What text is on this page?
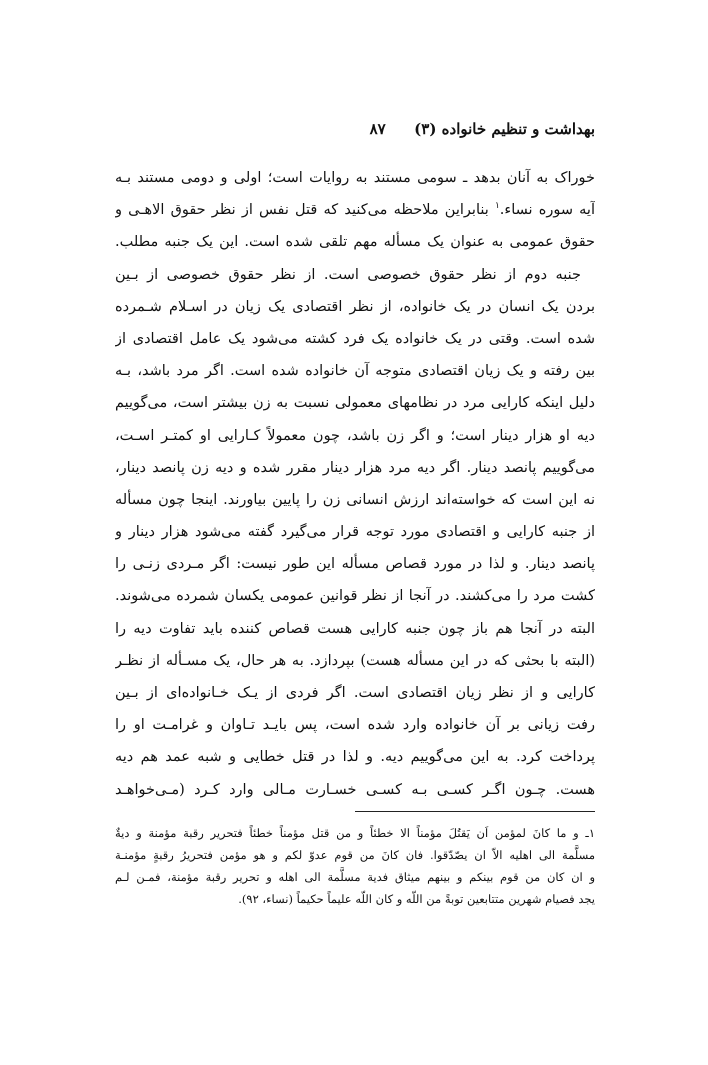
بهداشت و تنظیم خانواده (۳)  ۸۷
خوراک به آنان بدهد ـ سومی مستند به روایات است؛ اولی و دومی مستند بـه
آیه سوره نساء.$^۱$ بنابراین ملاحظه می‌کنید که قتل نفس از نظر حقوق الاهـی و
حقوق عمومی به عنوان یک مسأله مهم تلقی شده است. این یک جنبه مطلب.
جنبه دوم از نظر حقوق خصوصی است. از نظر حقوق خصوصی از بـین
بردن یک انسان در یک خانواده، از نظر اقتصادی یک زیان در اسـلام شـمرده
شده است. وقتی در یک خانواده یک فرد کشته می‌شود یک عامل اقتصادی از
بین رفته و یک زیان اقتصادی متوجه آن خانواده شده است. اگر مرد باشد، بـه
دلیل اینکه کارایی مرد در نظامهای معمولی نسبت به زن بیشتر است، می‌گوییم
دیه او هزار دینار است؛ و اگر زن باشد، چون معمولاً کـارایی او کمتـر اسـت،
می‌گوییم پانصد دینار. اگر دیه مرد هزار دینار مقرر شده و دیه زن پانصد دینار،
نه این است که خواسته‌اند ارزش انسانی زن را پایین بیاورند. اینجا چون مسأله
از جنبه کارایی و اقتصادی مورد توجه قرار می‌گیرد گفته می‌شود هزار دینار و
پانصد دینار. و لذا در مورد قصاص مسأله این طور نیست: اگر مـردی زنـی را
کشت مرد را می‌کشند. در آنجا از نظر قوانین عمومی یکسان شمرده می‌شوند.
البته در آنجا هم باز چون جنبه کارایی هست قصاص کننده باید تفاوت دیه را
(البته با بحثی که در این مسأله هست) بپردازد. به هر حال، یک مسـأله از نظـر
کارایی و از نظر زیان اقتصادی است. اگر فردی از یـک خـانواده‌ای از بـین
رفت زیانی بر آن خانواده وارد شده است، پس بایـد تـاوان و غرامـت او را
پرداخت کرد. به این می‌گوییم دیه. و لذا در قتل خطایی و شبه عمد هم دیه
هست. چـون اگـر کسـی بـه کسـی خسـارت مـالی وارد کـرد (مـی‌خواهـد
۱ـ و ما کانَ لمؤمن اَن یَقتُلَ مؤمناً الا خطئاً و من قتل مؤمناً خطئاً فتحریر رقبة مؤمنة و دیةٌ
مسلَّمة الی اهلیه الاّ ان یصّدّقوا. فان کانَ من قوم عدوّ لکم و هو مؤمن فتحریرُ رقبةٍ مؤمنـة
و ان کان من قوم بینکم و بینهم میثاق فدیة مسلَّمة الی اهله و تحریر رقبة مؤمنة، فمـن لـم
یجد فصیام شهرین متتابعین توبةً من اللّه و کان اللّه علیماً حکیماً (نساء، ۹۲).
